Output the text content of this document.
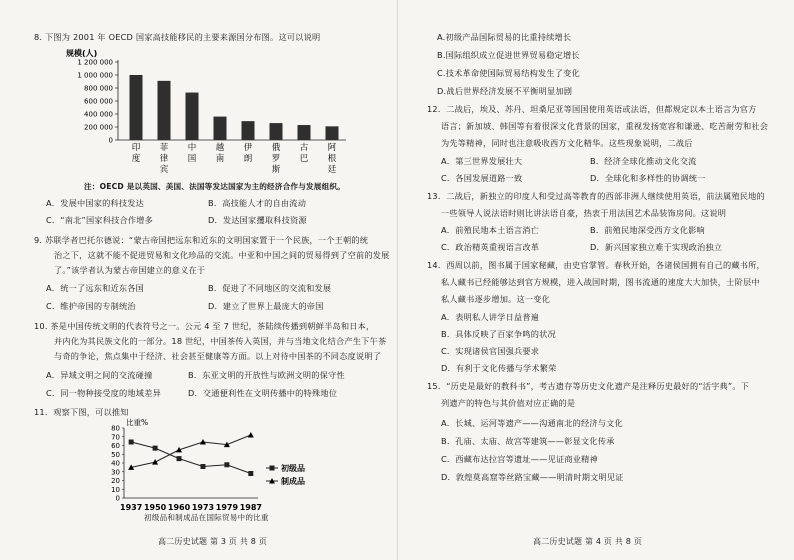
8. 下图为 2001 年 OECD 国家高技能移民的主要来源国分布图。这可以说明
规模(人)
1 200 000
1 000 000
800 000
600 000
400 000
200 000
0
印度
菲律宾
中国
越南
伊朗
俄罗斯
古巴
阿根廷
注：OECD 是以英国、美国、法国等发达国家为主的经济合作与发展组织。
A．发展中国家的科技发达	B．高技能人才的自由流动
C．“南北”国家科技合作增多	D．发达国家攫取科技资源
9. 苏联学者巴托尔德说：“蒙古帝国把远东和近东的文明国家置于一个民族，一个王朝的统
治之下，这就不能不促进贸易和文化珍品的交流。中亚和中国之间的贸易得到了空前的发展
了。”该学者认为蒙古帝国建立的意义在于
A．统一了远东和近东各国	B．促进了不同地区的交流和发展
C．维护帝国的专制统治	D．建立了世界上最庞大的帝国
10. 茶是中国传统文明的代表符号之一。公元 4 至 7 世纪，茶陆续传播到朝鲜半岛和日本，
并内化为其民族文化的一部分。18 世纪，中国茶传入英国，并与当地文化结合产生下午茶
与奇的争论，焦点集中于经济、社会甚至健康等方面。以上对待中国茶的不同态度说明了
A．异域文明之间的交流碰撞	B．东亚文明的开放性与欧洲文明的保守性
C．同一物种接受度的地域差异	D．交通便利性在文明传播中的特殊地位
11．观察下图，可以推知
比重%
80
70
60
50
40
30
20
10
0
1937 1950 1960 1973 1979 1987
初级品
制成品
初级品和制成品在国际贸易中的比重
高二历史试题 第 3 页 共 8 页
A.初级产品国际贸易的比重持续增长
B.国际组织成立促进世界贸易稳定增长
C.技术革命使国际贸易结构发生了变化
D.战后世界经济发展不平衡明显加剧
12．二战后，埃及、苏丹、坦桑尼亚等国国使用英语或法语，但都规定以本土语言为官方
语言；新加坡、韩国等有着很深文化背景的国家，重视发扬宽容和谦逊、吃苦耐劳和社会
为先等精神，同时也注意吸收西方文化精华。这些现象说明，二战后
A．第三世界发展壮大	B．经济全球化推动文化交流
C．各国发展道路一致	D．全球化和多样性的协调统一
13．二战后，新独立的印度人和受过高等教育的西部非洲人继续使用英语，前法属殖民地的
一些领导人说法语时则比讲法语自豪，热衷于用法国艺术品装饰房间。这说明
A．前殖民地本土语言消亡	B．前殖民地深受西方文化影响
C．政治精英重视语言改革	D．新兴国家独立难于实现政治独立
14．西周以前，图书属于国家秘藏，由史官掌管。春秋开始，各诸侯国拥有自己的藏书所，
私人藏书已经能够达到官方规模，进入战国时期，图书流通的速度大大加快，士阶层中
私人藏书逐步增加。这一变化
A．表明私人讲学日益普遍
B．具体反映了百家争鸣的状况
C．实现诸侯官国强兵要求
D．有利于文化传播与学术繁荣
15．“历史是最好的教科书”，考古遗存等历史文化遗产是注释历史最好的“活字典”。下
列遗产的特色与其价值对应正确的是
A．长城、运河等遗产——沟通南北的经济与文化
B．孔庙、太庙、故宫等建筑——彰显文化传承
C．西藏布达拉宫等遗址——见证商业精神
D．敦煌莫高窟等丝路宝藏——明清时期文明见证
高二历史试题 第 4 页 共 8 页
